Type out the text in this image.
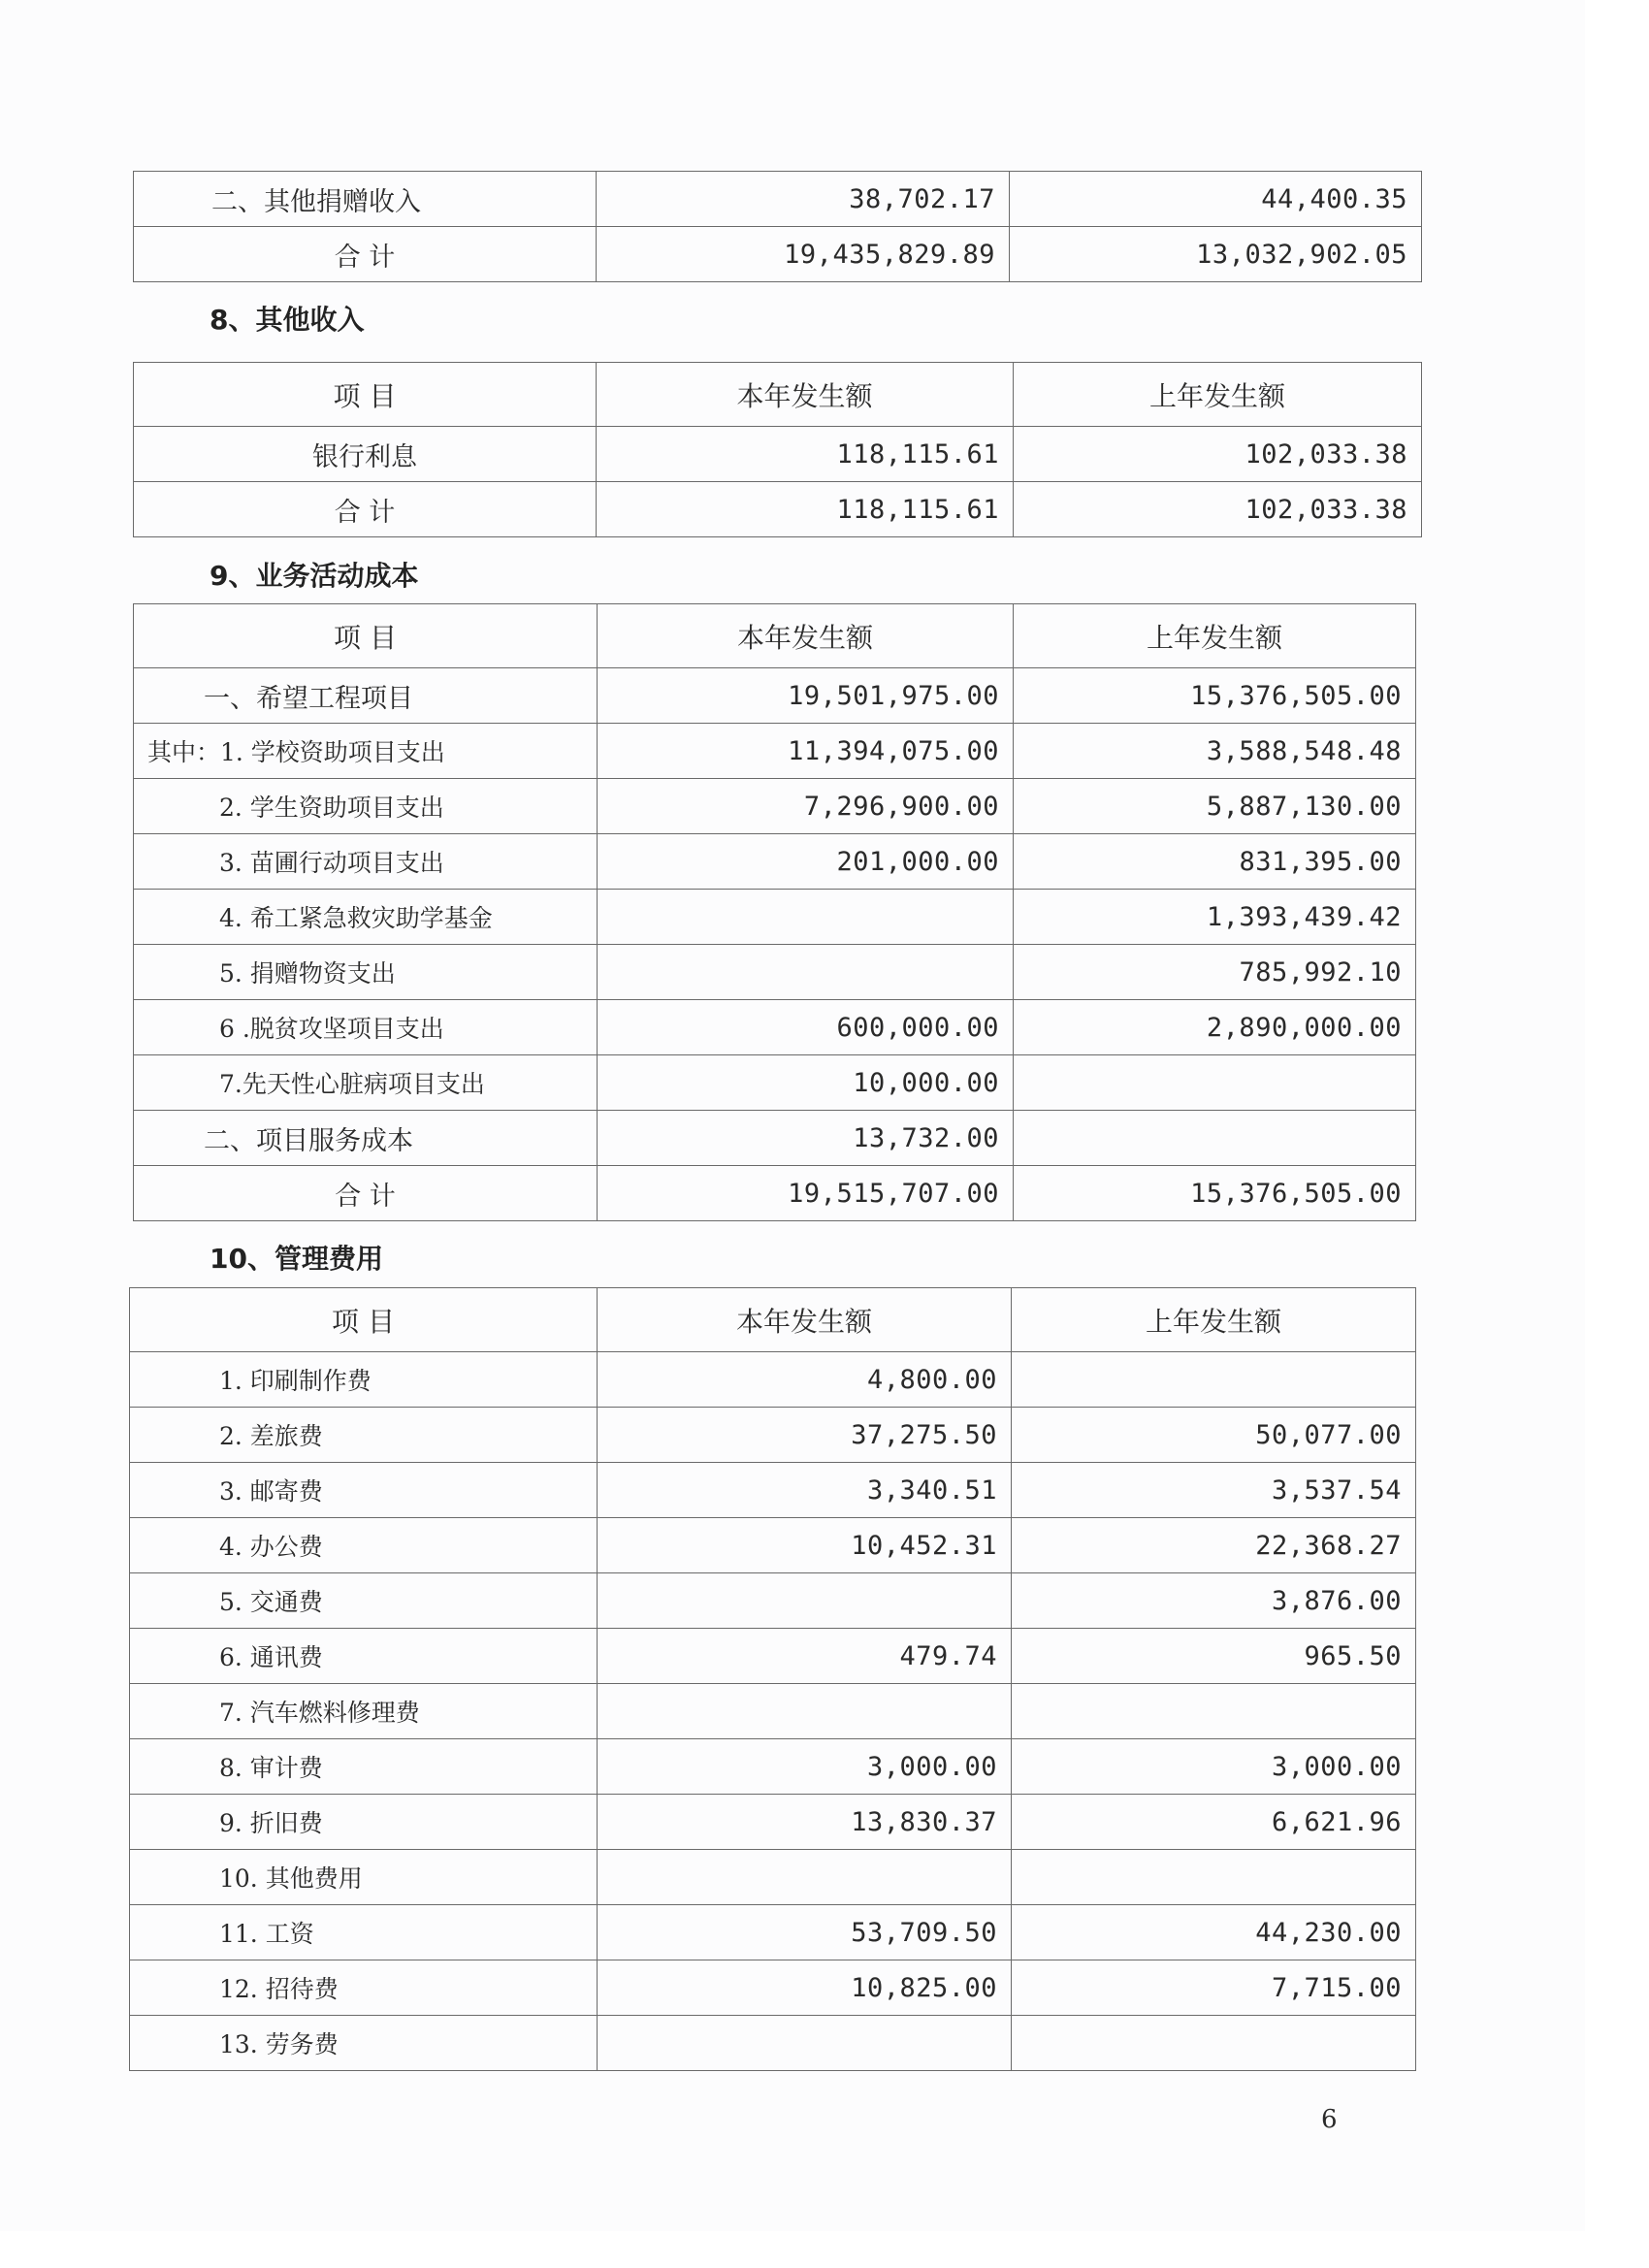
二、其他捐赠收入	38,702.17	44,400.35
合 计	19,435,829.89	13,032,902.05
8、其他收入
项 目	本年发生额	上年发生额
银行利息	118,115.61	102,033.38
合 计	118,115.61	102,033.38
9、业务活动成本
项 目	本年发生额	上年发生额
一、希望工程项目	19,501,975.00	15,376,505.00
其中：1. 学校资助项目支出	11,394,075.00	3,588,548.48
2. 学生资助项目支出	7,296,900.00	5,887,130.00
3. 苗圃行动项目支出	201,000.00	831,395.00
4. 希工紧急救灾助学基金		1,393,439.42
5. 捐赠物资支出		785,992.10
6 .脱贫攻坚项目支出	600,000.00	2,890,000.00
7.先天性心脏病项目支出	10,000.00	
二、项目服务成本	13,732.00	
合 计	19,515,707.00	15,376,505.00
10、管理费用
项 目	本年发生额	上年发生额
1. 印刷制作费	4,800.00	
2. 差旅费	37,275.50	50,077.00
3. 邮寄费	3,340.51	3,537.54
4. 办公费	10,452.31	22,368.27
5. 交通费		3,876.00
6. 通讯费	479.74	965.50
7. 汽车燃料修理费		
8. 审计费	3,000.00	3,000.00
9. 折旧费	13,830.37	6,621.96
10. 其他费用		
11. 工资	53,709.50	44,230.00
12. 招待费	10,825.00	7,715.00
13. 劳务费		
6
